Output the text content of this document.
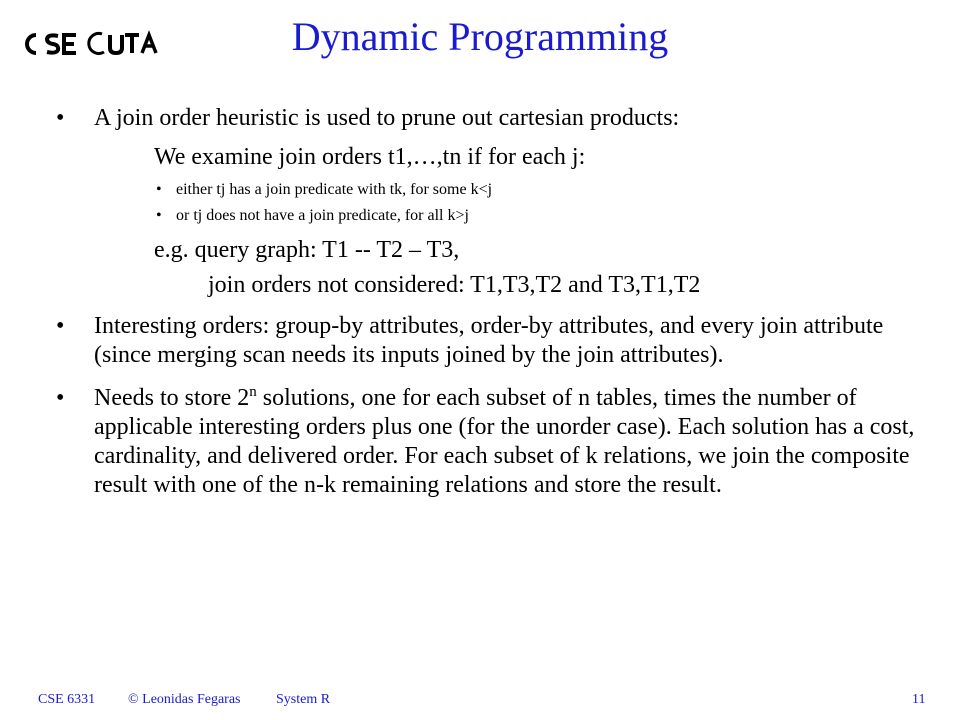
Dynamic Programming
• A join order heuristic is used to prune out cartesian products:
We examine join orders t1,…,tn if for each j:
• either tj has a join predicate with tk, for some k<j
• or tj does not have a join predicate, for all k>j
e.g. query graph: T1 -- T2 – T3,
join orders not considered: T1,T3,T2 and T3,T1,T2
• Interesting orders: group-by attributes, order-by attributes, and every join attribute (since merging scan needs its inputs joined by the join attributes).
• Needs to store 2$^n$ solutions, one for each subset of n tables, times the number of applicable interesting orders plus one (for the unorder case). Each solution has a cost, cardinality, and delivered order. For each subset of k relations, we join the composite result with one of the n-k remaining relations and store the result.
CSE 6331 © Leonidas Fegaras	System R	11
